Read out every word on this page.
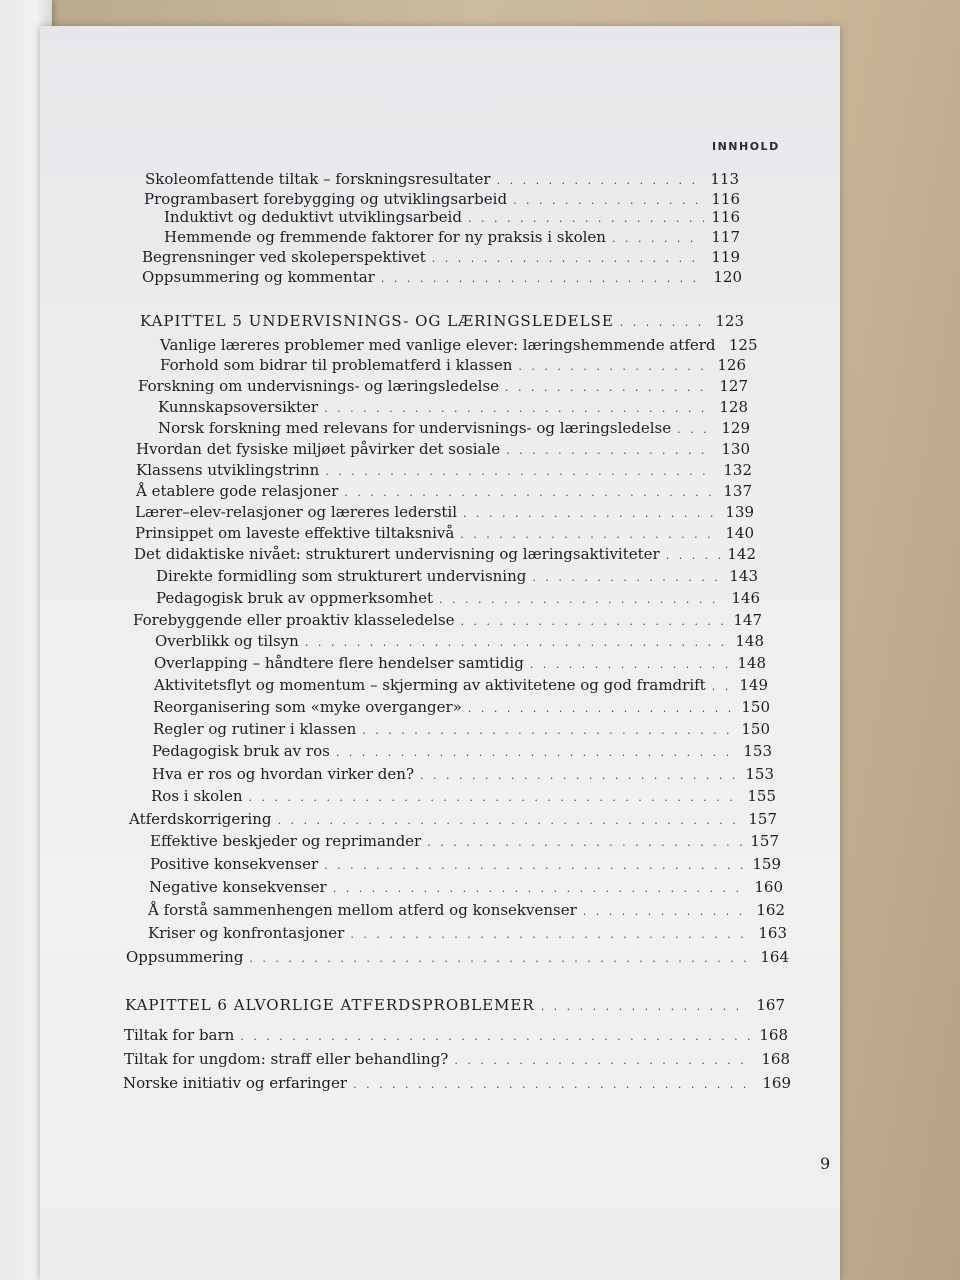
INNHOLD
Skoleomfattende tiltak – forskningsresultater . . .	113
Programbasert forebygging og utviklingsarbeid . . .	116
Induktivt og deduktivt utviklingsarbeid . . .	116
Hemmende og fremmende faktorer for ny praksis i skolen . . .	117
Begrensninger ved skoleperspektivet . . .	119
Oppsummering og kommentar . . .	120
KAPITTEL 5 UNDERVISNINGS- OG LÆRINGSLEDELSE . . .	123
Vanlige læreres problemer med vanlige elever: læringshemmende atferd 125
Forhold som bidrar til problematferd i klassen . . .	126
Forskning om undervisnings- og læringsledelse . . .	127
Kunnskapsoversikter . . .	128
Norsk forskning med relevans for undervisnings- og læringsledelse . . .	129
Hvordan det fysiske miljøet påvirker det sosiale . . .	130
Klassens utviklingstrinn . . .	132
Å etablere gode relasjoner . . .	137
Lærer–elev-relasjoner og læreres lederstil . . .	139
Prinsippet om laveste effektive tiltaksnivå . . .	140
Det didaktiske nivået: strukturert undervisning og læringsaktiviteter . . .	142
Direkte formidling som strukturert undervisning . . .	143
Pedagogisk bruk av oppmerksomhet . . .	146
Forebyggende eller proaktiv klasseledelse . . .	147
Overblikk og tilsyn . . .	148
Overlapping – håndtere flere hendelser samtidig . . .	148
Aktivitetsflyt og momentum – skjerming av aktivitetene og god framdrift . . . 149
Reorganisering som «myke overganger» . . .	150
Regler og rutiner i klassen . . .	150
Pedagogisk bruk av ros . . .	153
Hva er ros og hvordan virker den? . . .	153
Ros i skolen . . .	155
Atferdskorrigering . . .	157
Effektive beskjeder og reprimander . . .	157
Positive konsekvenser . . .	159
Negative konsekvenser . . .	160
Å forstå sammenhengen mellom atferd og konsekvenser . . .	162
Kriser og konfrontasjoner . . .	163
Oppsummering . . .	164
KAPITTEL 6 ALVORLIGE ATFERDSPROBLEMER . . .	167
Tiltak for barn . . .	168
Tiltak for ungdom: straff eller behandling? . . .	168
Norske initiativ og erfaringer . . .	169
9
